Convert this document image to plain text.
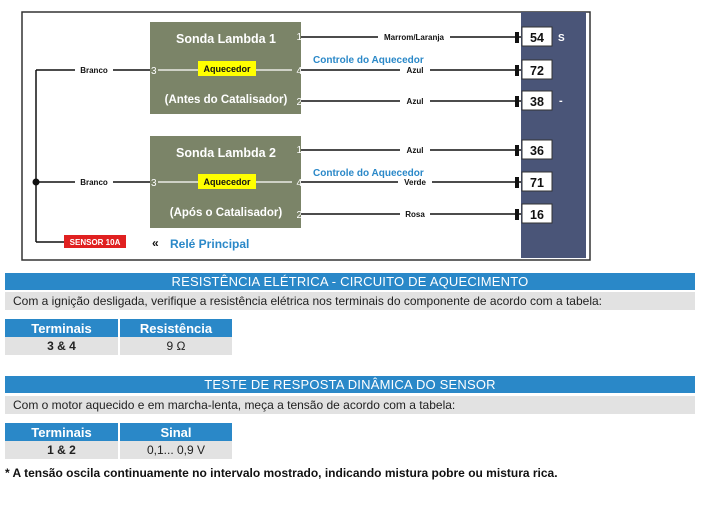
Sonda Lambda 1
(Antes do Catalisador)
Aquecedor
1
3	4
2
Sonda Lambda 2
(Após o Catalisador)
Aquecedor
1
3	4
2
Marrom/Laranja
Azul
Azul
Branco
Azul
Verde
Rosa
Branco
Controle do Aquecedor
Controle do Aquecedor
54
72
38
36
71
16
S
-
SENSOR 10A	« Relé Principal
RESISTÊNCIA ELÉTRICA - CIRCUITO DE AQUECIMENTO
Com a ignição desligada, verifique a resistência elétrica nos terminais do componente de acordo com a tabela:
Terminais	Resistência
3 & 4	9 Ω
TESTE DE RESPOSTA DINÂMICA DO SENSOR
Com o motor aquecido e em marcha-lenta, meça a tensão de acordo com a tabela:
Terminais	Sinal
1 & 2	0,1... 0,9 V
* A tensão oscila continuamente no intervalo mostrado, indicando mistura pobre ou mistura rica.
